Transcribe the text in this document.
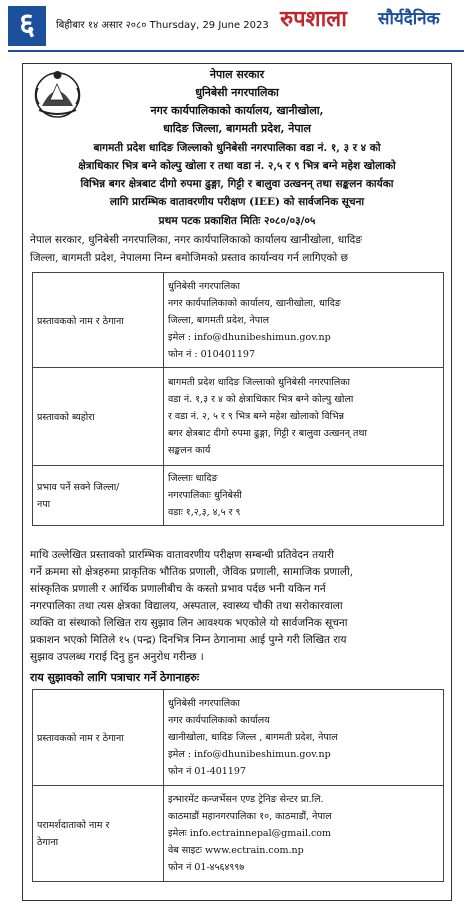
६	बिहीबार १४ असार २०८० Thursday, 29 June 2023 रुपशाला सौर्यदैनिक
नेपाल सरकार
धुनिबेसी नगरपालिका
नगर कार्यपालिकाको कार्यालय, खानीखोला,
धादिङ जिल्ला, बागमती प्रदेश, नेपाल
बागमती प्रदेश धादिङ जिल्लाको धुनिबेसी नगरपालिका वडा नं. १, ३ र ४ को
क्षेत्राधिकार भित्र बग्ने कोल्पु खोला र तथा वडा नं. २,५ र ९ भित्र बग्ने महेश खोलाको
विभिन्न बगर क्षेत्रबाट दीगो रुपमा ढुङ्गा, गिट्टी र बालुवा उत्खनन् तथा सङ्कलन कार्यका
लागि प्रारम्भिक वातावरणीय परीक्षण (IEE) को सार्वजनिक सूचना
प्रथम पटक प्रकाशित मितिः २०८०/०३/०५
नेपाल सरकार, धुनिबेसी नगरपालिका, नगर कार्यपालिकाको कार्यालय खानीखोला, धादिङ
जिल्ला, बागमती प्रदेश, नेपालमा निम्न बमोजिमको प्रस्ताव कार्यान्वय गर्न लागिएको छ
प्रस्तावकको नाम र ठेगाना	धुनिबेसी नगरपालिका
नगर कार्यपालिकाको कार्यालय, खानीखोला, धादिङ
जिल्ला, बागमती प्रदेश, नेपाल
इमेल : info@dhunibeshimun.gov.np
फोन नं : 010401197

प्रस्तावको ब्यहोरा	बागमती प्रदेश धादिङ जिल्लाको धुनिबेसी नगरपालिका
वडा नं. १,३ र ४ को क्षेत्राधिकार भित्र बग्ने कोल्पु खोला
र वडा नं. २, ५ र ९ भित्र बग्ने महेश खोलाको विभिन्न
बगर क्षेत्रबाट दीगो रुपमा ढुङ्गा, गिट्टी र बालुवा उत्खनन् तथा
सङ्कलन कार्य

प्रभाव पर्ने सक्ने जिल्ला/
नपा	जिल्लाः धादिङ
नगरपालिकाः धुनिबेसी
वडाः १,२,३, ४,५ र ९
माथि उल्लेखित प्रस्तावको प्रारम्भिक वातावरणीय परीक्षण सम्बन्धी प्रतिवेदन तयारी
गर्ने क्रममा सो क्षेत्रहरुमा प्राकृतिक भौतिक प्रणाली, जैविक प्रणाली, सामाजिक प्रणाली,
सांस्कृतिक प्रणाली र आर्थिक प्रणालीबीच के कस्तो प्रभाव पर्दछ भनी यकिन गर्न
नगरपालिका तथा त्यस क्षेत्रका विद्यालय, अस्पताल, स्वास्थ्य चौकी तथा सरोकारवाला
व्यक्ति वा संस्थाको लिखित राय सुझाव लिन आवश्यक भएकोले यो सार्वजनिक सूचना
प्रकाशन भएको मितिले १५ (पन्द्र) दिनभित्र निम्न ठेगानामा आई पुग्ने गरी लिखित राय
सुझाव उपलब्ध गराई दिनु हुन अनुरोध गरीन्छ ।
राय सुझावको लागि पत्राचार गर्ने ठेगानाहरुः
प्रस्तावकको नाम र ठेगाना	धुनिबेसी नगरपालिका
नगर कार्यपालिकाको कार्यालय
खानीखोला, धादिङ जिल्ल , बागमती प्रदेश, नेपाल
इमेल : info@dhunibeshimun.gov.np
फोन नं 01-401197

परामर्शदाताको नाम र
ठेगाना	इन्भारमेंट कन्जर्भेसन एण्ड ट्रेनिङ सेन्टर प्रा.लि.
काठमाडौं महानगरपालिका १०, काठमाडौं, नेपाल
इमेलः info.ectrainnepal@gmail.com
वेब साइटः www.ectrain.com.np
फोन नं 01-४५६४९९७
